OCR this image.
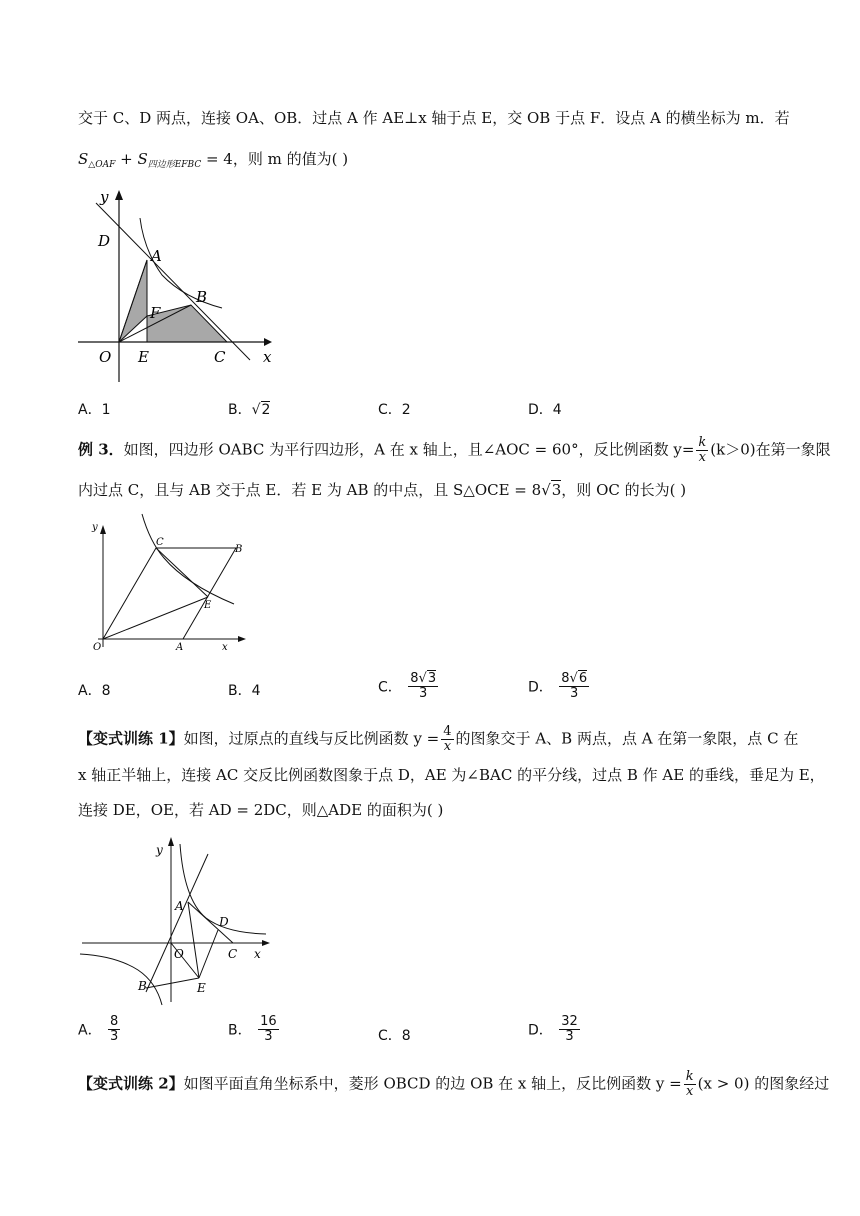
交于 C、D 两点，连接 OA、OB．过点 A 作 AE⊥x 轴于点 E，交 OB 于点 F．设点 A 的横坐标为 m．若
$S_{\triangle OAF} + S_{四边形EFBC} = 4$，则 m 的值为( )
y
D
A
B
F
O E	C	x
A．1	B．√2	C．2	D．4
例 3．如图，四边形 OABC 为平行四边形，A 在 x 轴上，且∠AOC = 60°，反比例函数 $y= \frac{k}{x} (k>0)$在第一象限
内过点 C，且与 AB 交于点 E．若 E 为 AB 的中点，且 S△OCE = 8√3，则 OC 的长为( )
y
C
B
E
O	A	x
A．8	B．4	C． $\frac{8√3}{3}$	D． $\frac{8√6}{3}$
【变式训练 1】如图，过原点的直线与反比例函数 $y = \frac{4}{x}$ 的图象交于 A、B 两点，点 A 在第一象限，点 C 在
x 轴正半轴上，连接 AC 交反比例函数图象于点 D，AE 为∠BAC 的平分线，过点 B 作 AE 的垂线，垂足为 E，
连接 DE，OE，若 AD = 2DC，则△ADE 的面积为( )
y
A
D
O	C x
B	E
A． $\frac{8}{3}$	B． $\frac{16}{3}$	C．8	D． $\frac{32}{3}$
【变式训练 2】如图平面直角坐标系中，菱形 OBCD 的边 OB 在 x 轴上，反比例函数 $y = \frac{k}{x} (x > 0)$ 的图象经过
